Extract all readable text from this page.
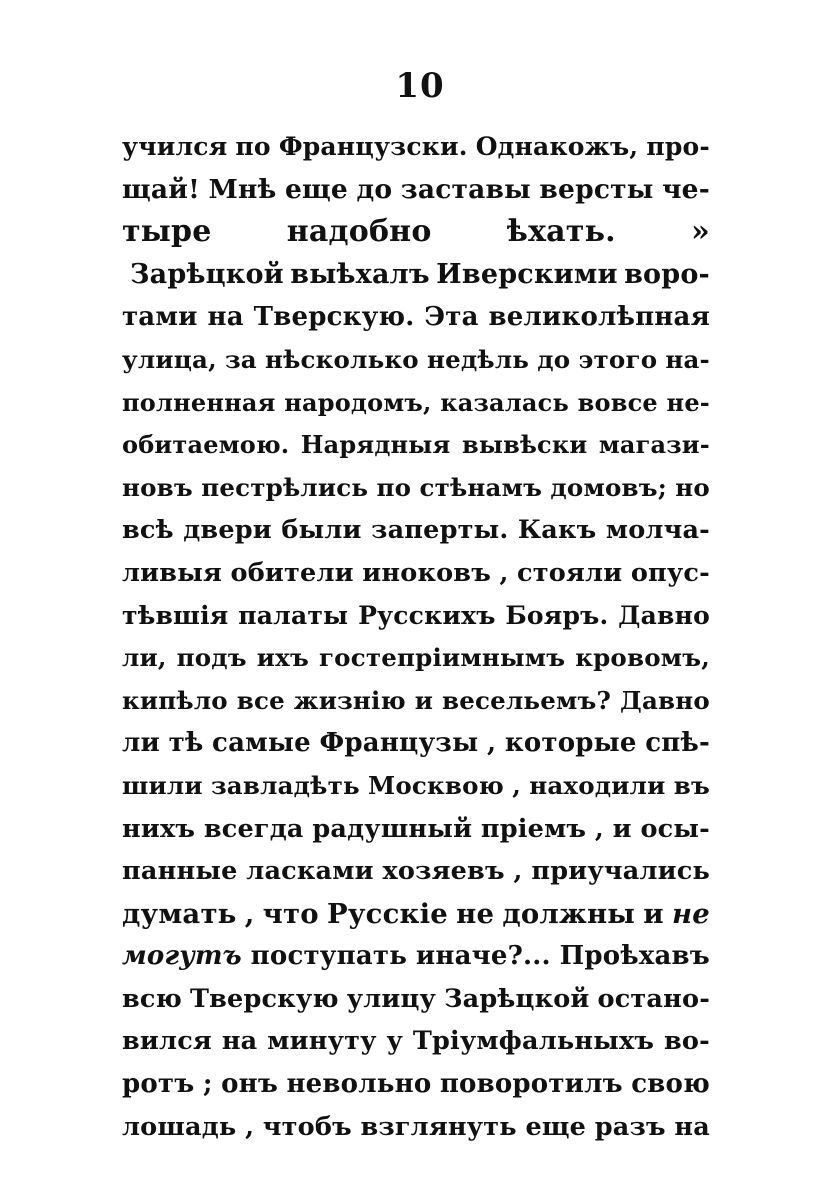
10
учился по Французски. Однакожъ, про-
щай! Мнѣ еще до заставы версты че-
тыре	надобно	ѣхать.	»
Зарѣцкой выѣхалъ Иверскими воро-
тами на Тверскую. Эта великолѣпная
улица, за нѣсколько недѣль до этого на-
полненная народомъ, казалась вовсе не-
обитаемою. Нарядныя вывѣски магази-
новъ пестрѣлись по стѣнамъ домовъ; но
всѣ двери были заперты. Какъ молча-
ливыя обители иноковъ , стояли опус-
тѣвшія палаты Русскихъ Бояръ. Давно
ли, подъ ихъ гостепріимнымъ кровомъ,
кипѣло все жизнію и весельемъ? Давно
ли тѣ самые Французы , которые спѣ-
шили завладѣть Москвою , находили въ
нихъ всегда радушный пріемъ , и осы-
панные ласками хозяевъ , приучались
думать , что Русскіе не должны и не
могутъ поступать иначе?... Проѣхавъ
всю Тверскую улицу Зарѣцкой остано-
вился на минуту у Тріумфальныхъ во-
ротъ ; онъ невольно поворотилъ свою
лошадь , чтобъ взглянуть еще разъ на
